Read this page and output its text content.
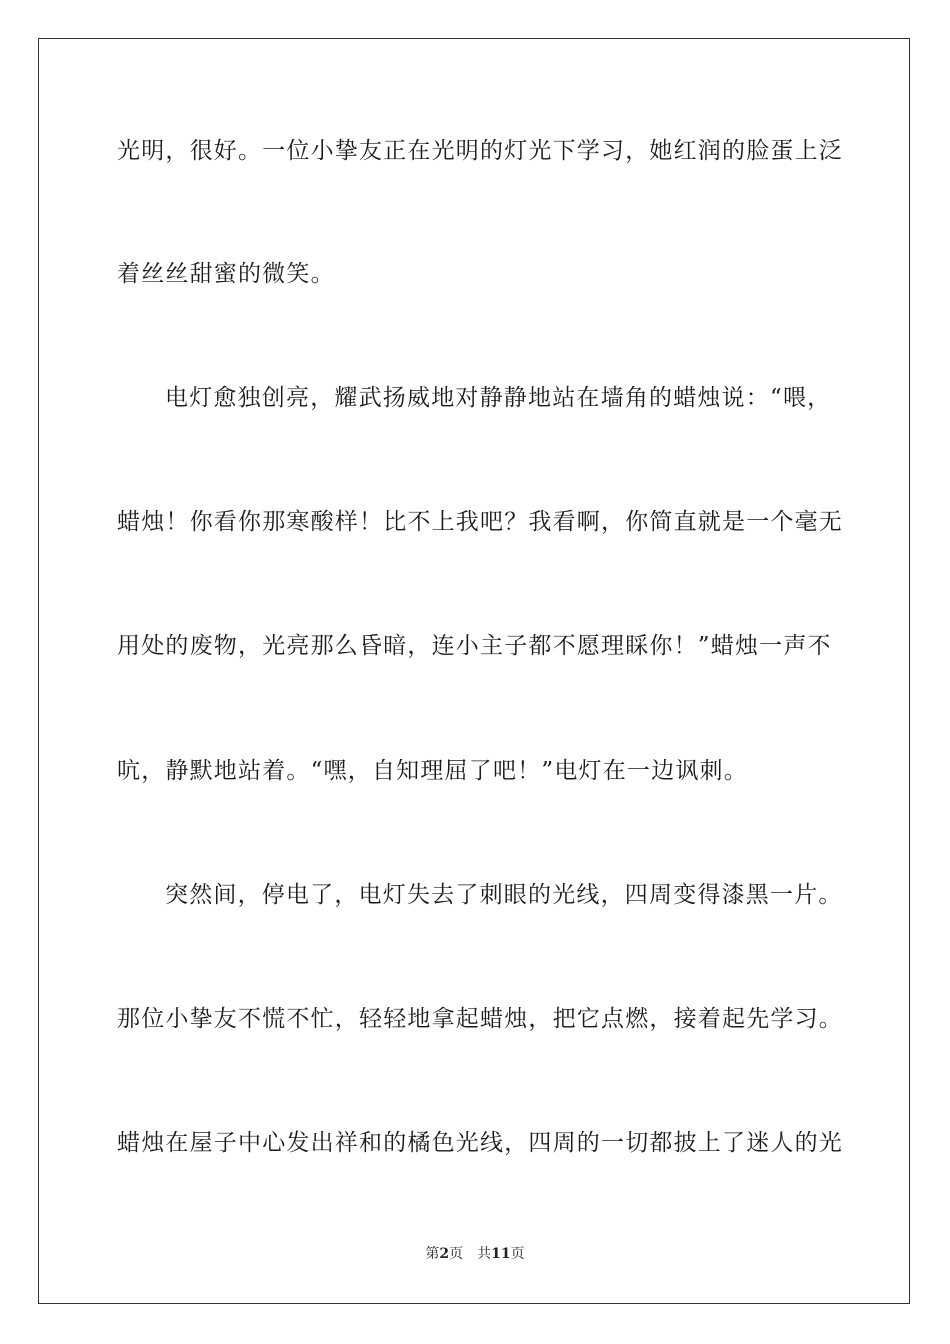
光明，很好。一位小挚友正在光明的灯光下学习，她红润的脸蛋上泛
着丝丝甜蜜的微笑。
电灯愈独创亮，耀武扬威地对静静地站在墙角的蜡烛说：“喂，
蜡烛！你看你那寒酸样！比不上我吧？我看啊，你简直就是一个毫无
用处的废物，光亮那么昏暗，连小主子都不愿理睬你！”蜡烛一声不
吭，静默地站着。“嘿，自知理屈了吧！”电灯在一边讽刺。
突然间，停电了，电灯失去了刺眼的光线，四周变得漆黑一片。
那位小挚友不慌不忙，轻轻地拿起蜡烛，把它点燃，接着起先学习。
蜡烛在屋子中心发出祥和的橘色光线，四周的一切都披上了迷人的光
第2页 共11页
